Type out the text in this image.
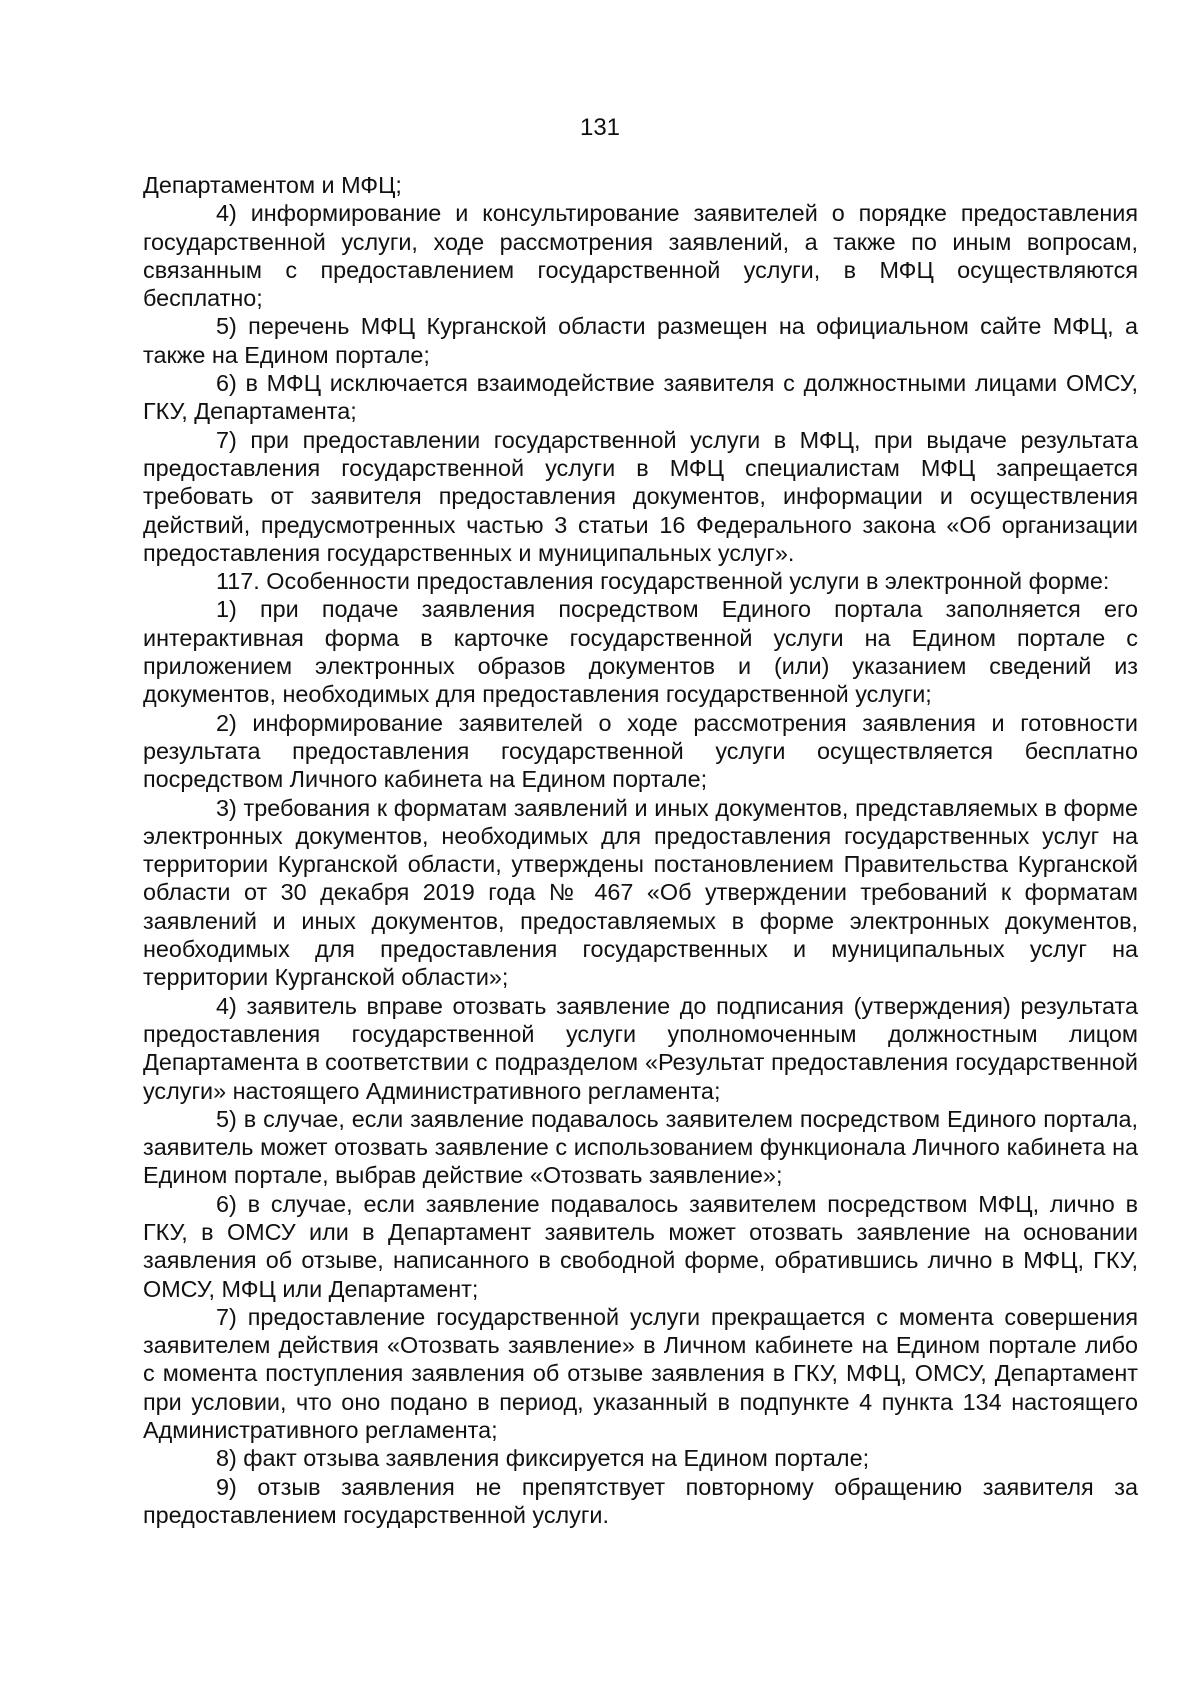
131

Департаментом и МФЦ;

4) информирование и консультирование заявителей о порядке предоставления государственной услуги, ходе рассмотрения заявлений, а также по иным вопросам, связанным с предоставлением государственной услуги, в МФЦ осуществляются бесплатно;

5) перечень МФЦ Курганской области размещен на официальном сайте МФЦ, а также на Едином портале;

6) в МФЦ исключается взаимодействие заявителя с должностными лицами ОМСУ, ГКУ, Департамента;

7) при предоставлении государственной услуги в МФЦ, при выдаче результата предоставления государственной услуги в МФЦ специалистам МФЦ запрещается требовать от заявителя предоставления документов, информации и осуществления действий, предусмотренных частью 3 статьи 16 Федерального закона «Об организации предоставления государственных и муниципальных услуг».

117. Особенности предоставления государственной услуги в электронной форме:

1) при подаче заявления посредством Единого портала заполняется его интерактивная форма в карточке государственной услуги на Едином портале с приложением электронных образов документов и (или) указанием сведений из документов, необходимых для предоставления государственной услуги;

2) информирование заявителей о ходе рассмотрения заявления и готовности результата предоставления государственной услуги осуществляется бесплатно посредством Личного кабинета на Едином портале;

3) требования к форматам заявлений и иных документов, представляемых в форме электронных документов, необходимых для предоставления государственных услуг на территории Курганской области, утверждены постановлением Правительства Курганской области от 30 декабря 2019 года № 467 «Об утверждении требований к форматам заявлений и иных документов, предоставляемых в форме электронных документов, необходимых для предоставления государственных и муниципальных услуг на территории Курганской области»;

4) заявитель вправе отозвать заявление до подписания (утверждения) результата предоставления государственной услуги уполномоченным должностным лицом Департамента в соответствии с подразделом «Результат предоставления государственной услуги» настоящего Административного регламента;

5) в случае, если заявление подавалось заявителем посредством Единого портала, заявитель может отозвать заявление с использованием функционала Личного кабинета на Едином портале, выбрав действие «Отозвать заявление»;

6) в случае, если заявление подавалось заявителем посредством МФЦ, лично в ГКУ, в ОМСУ или в Департамент заявитель может отозвать заявление на основании заявления об отзыве, написанного в свободной форме, обратившись лично в МФЦ, ГКУ, ОМСУ, МФЦ или Департамент;

7) предоставление государственной услуги прекращается с момента совершения заявителем действия «Отозвать заявление» в Личном кабинете на Едином портале либо с момента поступления заявления об отзыве заявления в ГКУ, МФЦ, ОМСУ, Департамент при условии, что оно подано в период, указанный в подпункте 4 пункта 134 настоящего Административного регламента;

8) факт отзыва заявления фиксируется на Едином портале;

9) отзыв заявления не препятствует повторному обращению заявителя за предоставлением государственной услуги.
